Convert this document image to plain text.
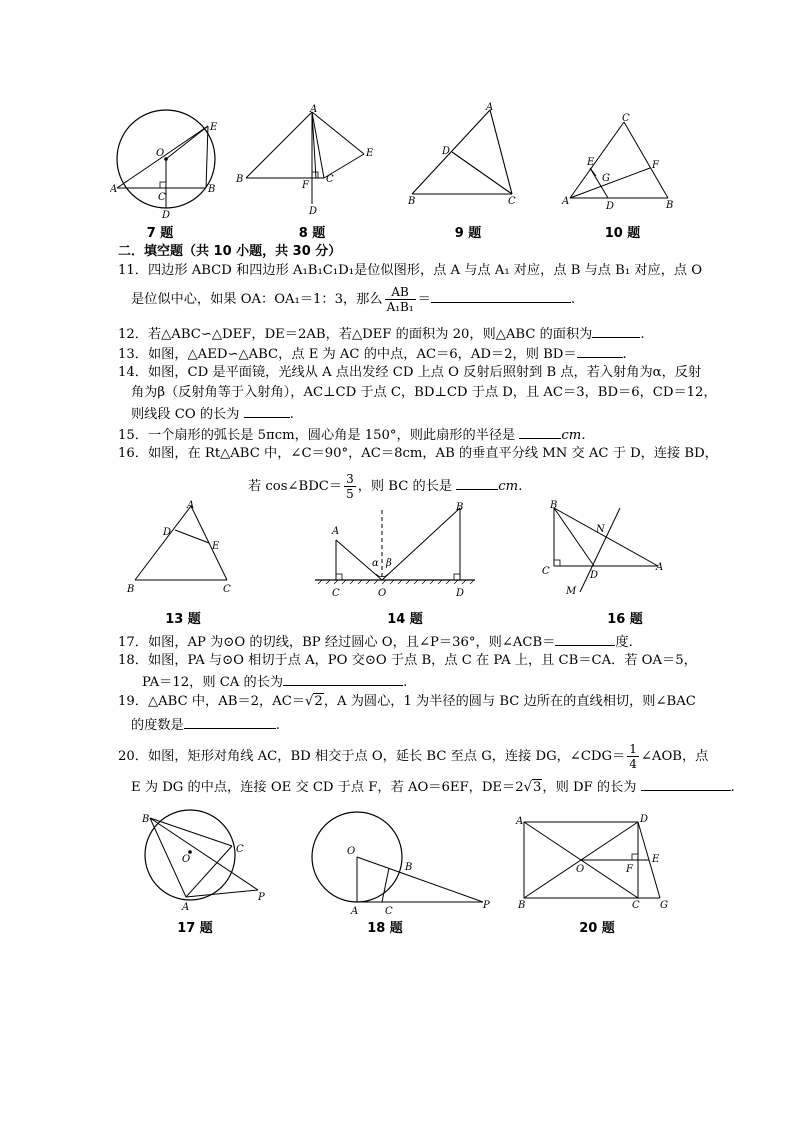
O
E
A	B
C
D
7 题
A
E
B
F
C
D
8 题
A
D
B	C
9 题
C
E	F
G
A	D	B
10 题
二．填空题（共 10 小题，共 30 分）
11．四边形 ABCD 和四边形 A₁B₁C₁D₁是位似图形，点 A 与点 A₁ 对应，点 B 与点 B₁ 对应，点 O
是位似中心，如果 OA：OA₁＝1：3，那么 $\frac{AB}{\text{A₁B₁}}$ ＝	.
12．若△ABC∽△DEF，DE＝2AB，若△DEF 的面积为 20，则△ABC 的面积为	.
13．如图，△AED∽△ABC，点 E 为 AC 的中点，AC＝6，AD＝2，则 BD＝	.
14．如图，CD 是平面镜，光线从 A 点出发经 CD 上点 O 反射后照射到 B 点，若入射角为α，反射
角为β（反射角等于入射角），AC⊥CD 于点 C，BD⊥CD 于点 D，且 AC＝3，BD＝6，CD＝12，
则线段 CO 的长为	.
15．一个扇形的弧长是 5πcm，圆心角是 150°，则此扇形的半径是	cm.
16．如图，在 Rt△ABC 中，∠C＝90°，AC＝8cm，AB 的垂直平分线 MN 交 AC 于 D，连接 BD，
若 cos∠BDC＝ $\frac{3}{5}$ ，则 BC 的长是	cm.
A
D
E
B	C
13 题
A
B
α β
C	O	D
14 题
B
N
C	D
A
M
16 题
17．如图，AP 为⊙O 的切线，BP 经过圆心 O，且∠P＝36°，则∠ACB＝	度.
18．如图，PA 与⊙O 相切于点 A，PO 交⊙O 于点 B，点 C 在 PA 上，且 CB＝CA．若 OA＝5，
PA＝12，则 CA 的长为	.
19．△ABC 中，AB＝2，AC＝√2，A 为圆心，1 为半径的圆与 BC 边所在的直线相切，则∠BAC
的度数是	.
20．如图，矩形对角线 AC，BD 相交于点 O，延长 BC 至点 G，连接 DG，∠CDG＝ $\frac{1}{4}$ ∠AOB，点
E 为 DG 的中点，连接 OE 交 CD 于点 F，若 AO＝6EF，DE＝2√3，则 DF 的长为	.
B
C
O
A
P
17 题
O
B
A	C
P
18 题
A	D
E
O	F
B	C G
20 题
